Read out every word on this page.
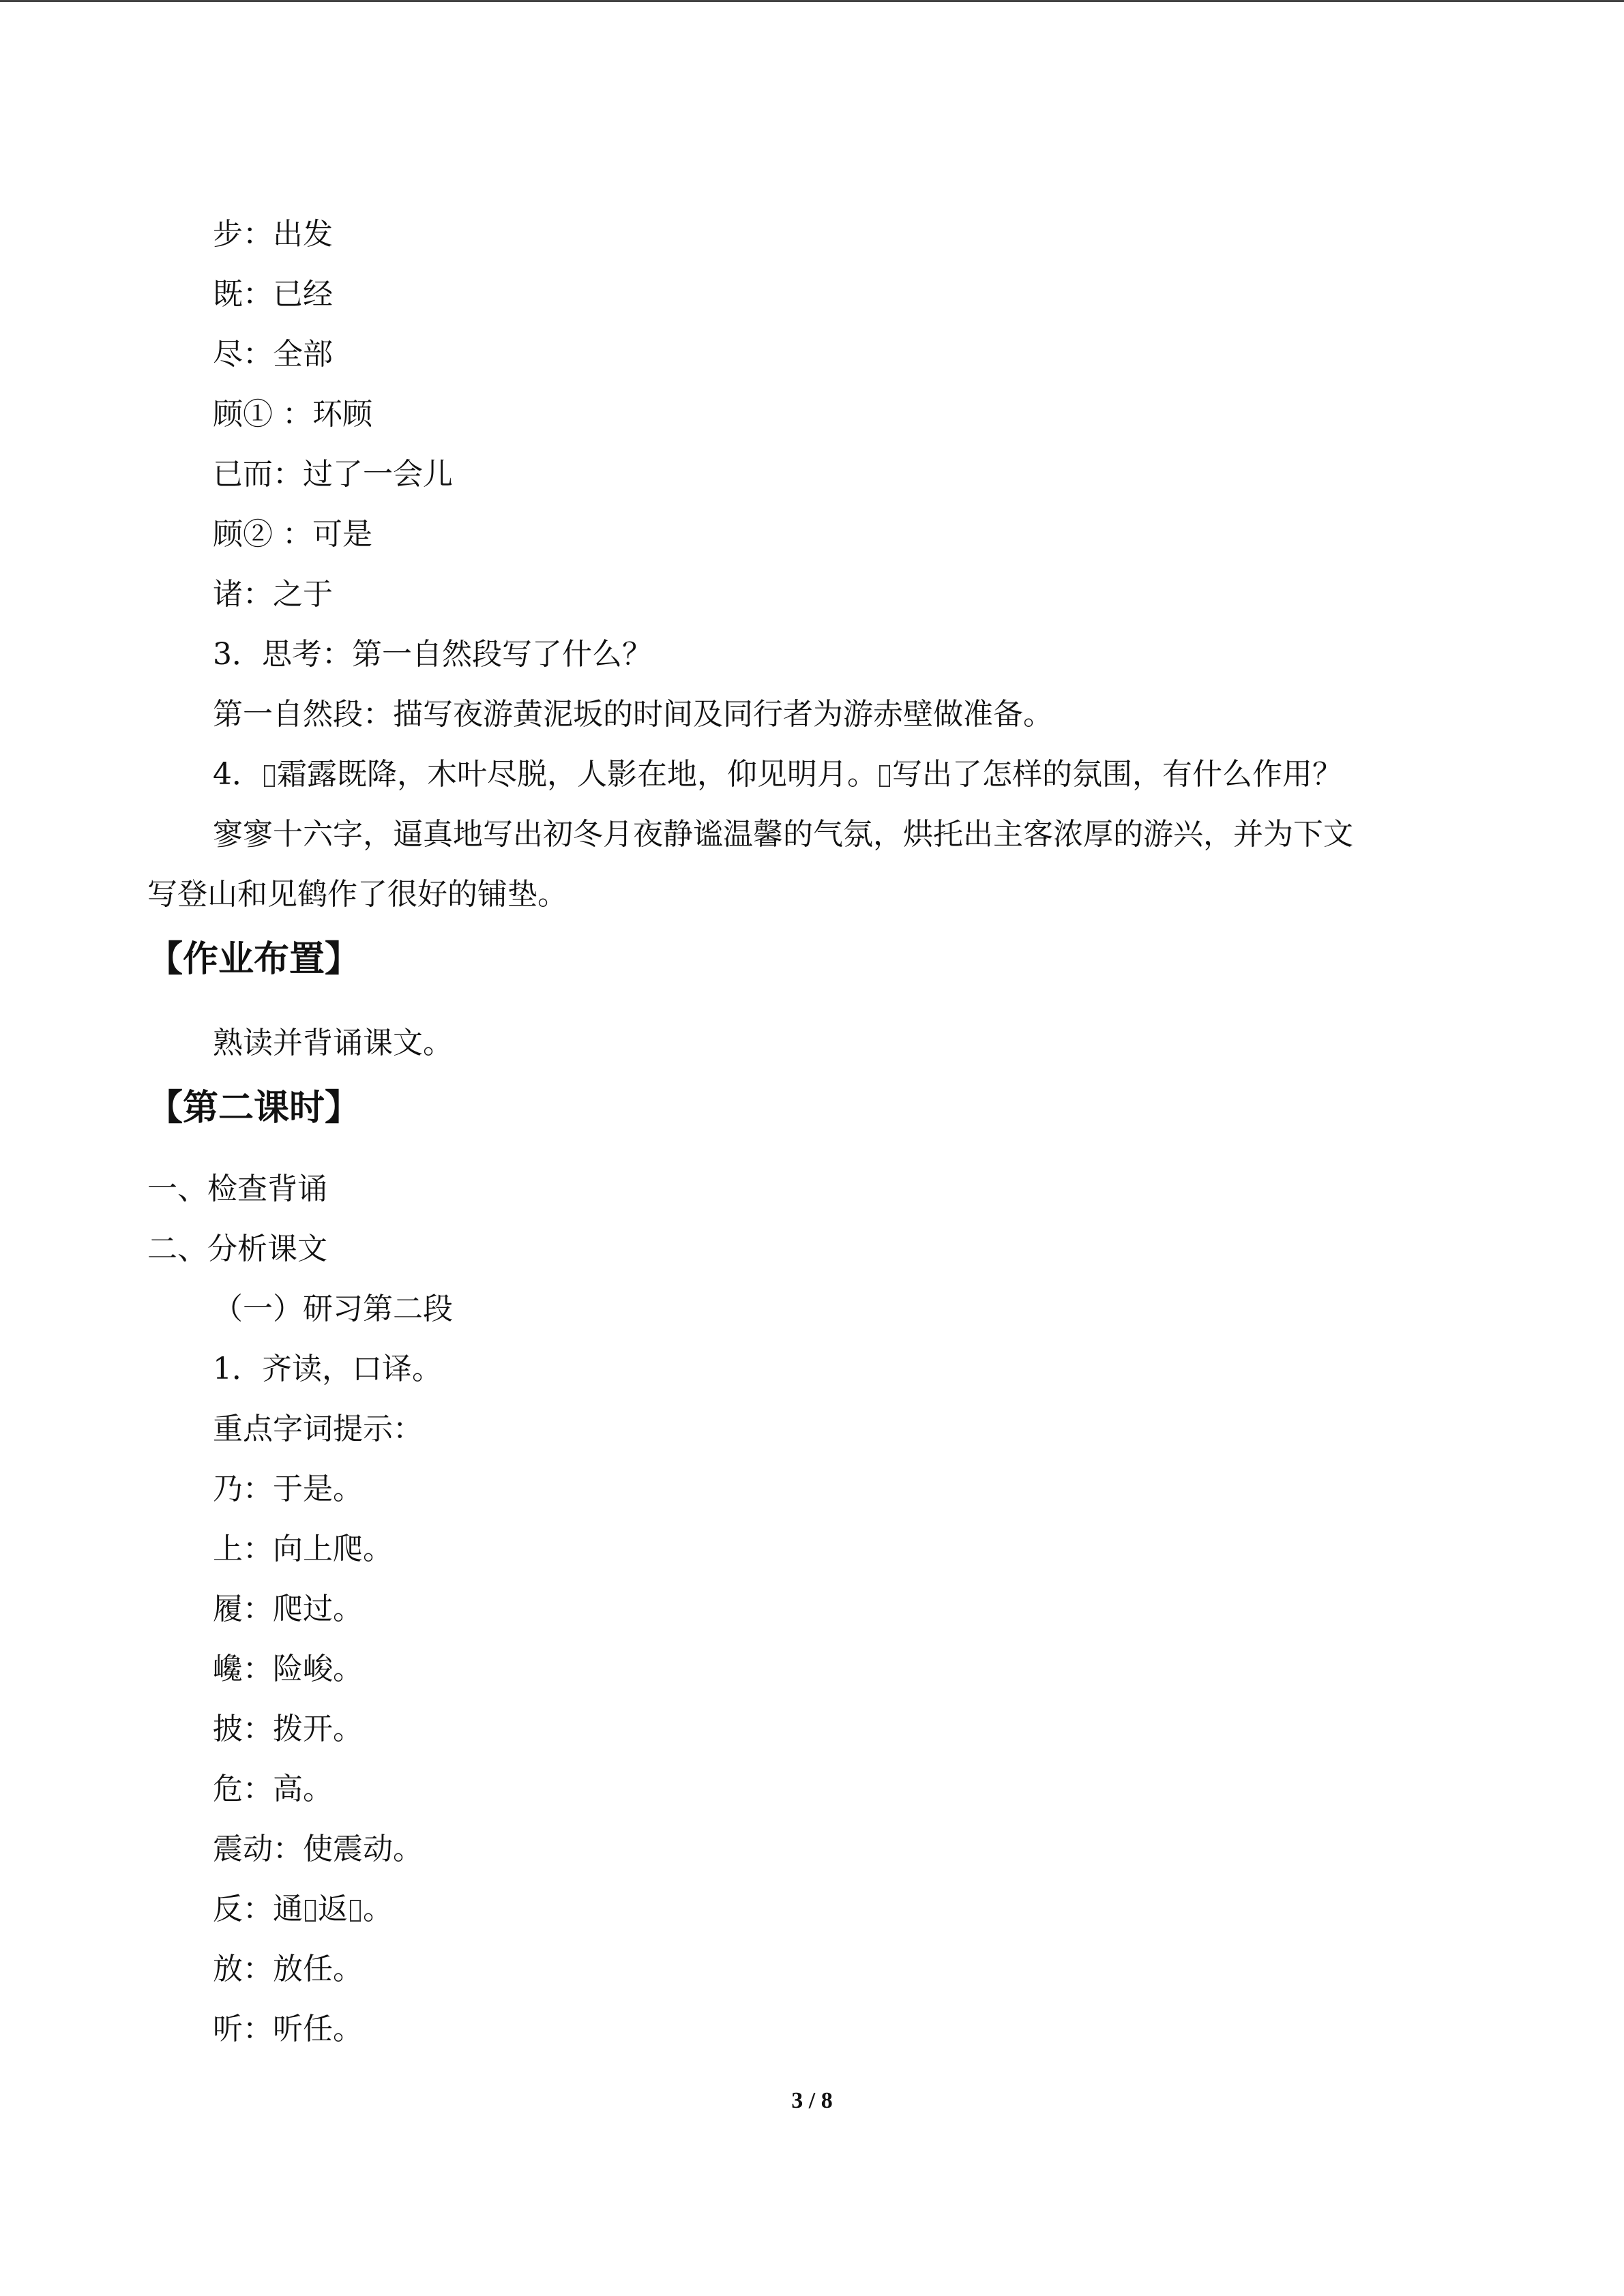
步：出发
既：已经
尽：全部
顾① ：环顾
已而：过了一会儿
顾② ：可是
诸：之于
3．思考：第一自然段写了什么？
第一自然段：描写夜游黄泥坂的时间及同行者为游赤壁做准备。
4． 霜露既降，木叶尽脱，人影在地，仰见明月。 写出了怎样的氛围，有什么作用？
寥寥十六字，逼真地写出初冬月夜静谧温馨的气氛，烘托出主客浓厚的游兴，并为下文
写登山和见鹤作了很好的铺垫。
【作业布置】
熟读并背诵课文。
【第二课时】
一、检查背诵
二、分析课文
（一）研习第二段
1．齐读，口译。
重点字词提示：
乃：于是。
上：向上爬。
履：爬过。
巉：险峻。
披：拨开。
危：高。
震动：使震动。
反：通 返 。
放：放任。
听：听任。
3 / 8
